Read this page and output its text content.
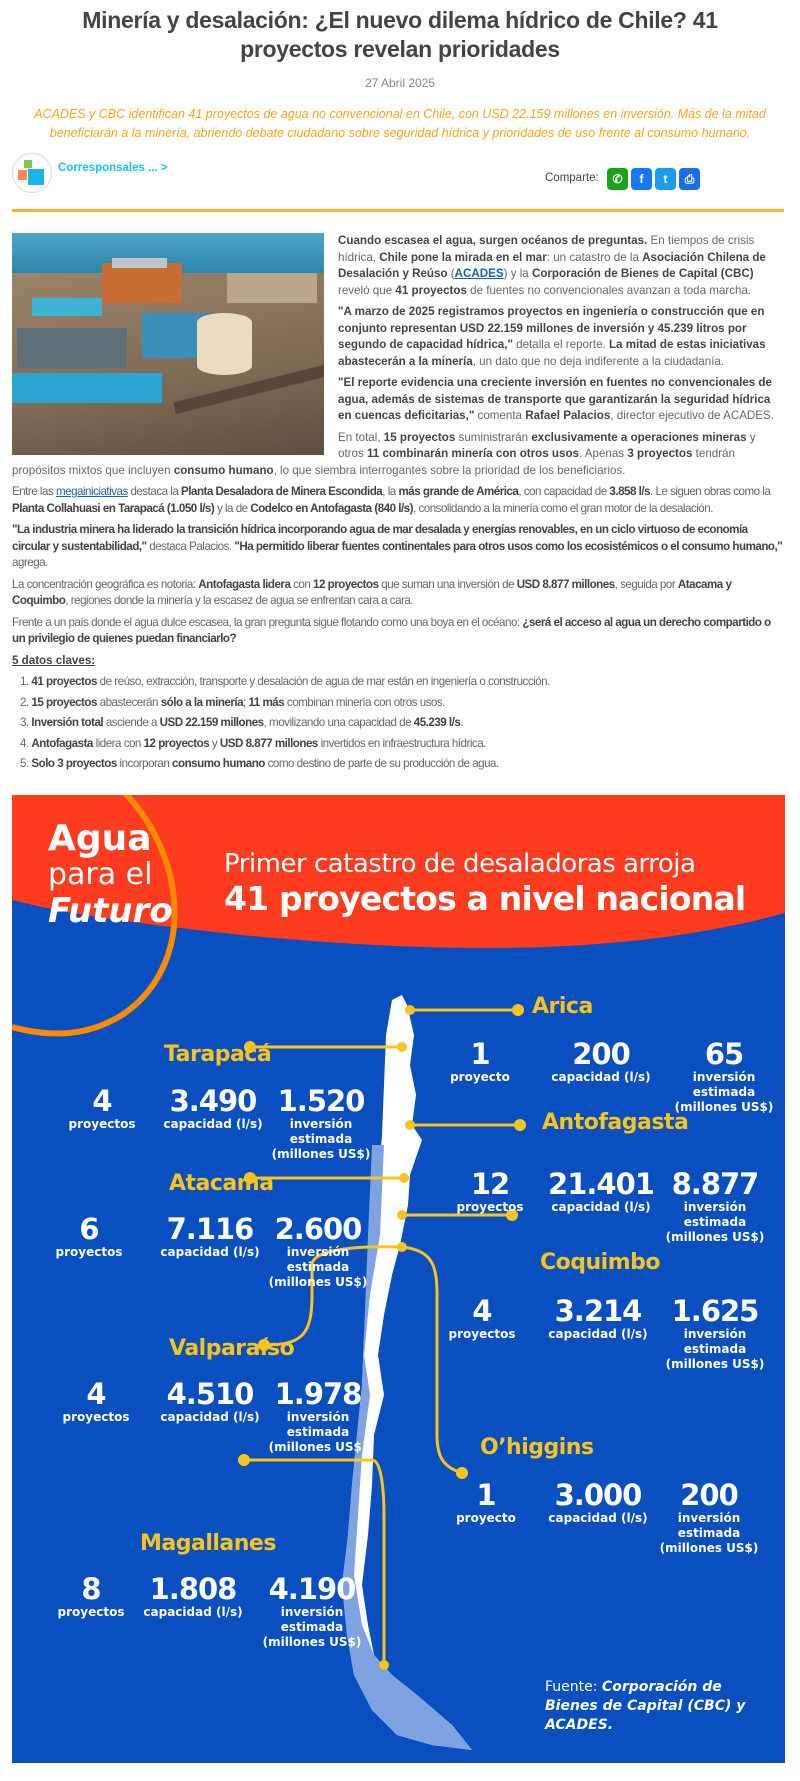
Minería y desalación: ¿El nuevo dilema hídrico de Chile? 41 proyectos revelan prioridades
27 Abril 2025
ACADES y CBC identifican 41 proyectos de agua no convencional en Chile, con USD 22.159 millones en inversión. Más de la mitad beneficiarán a la minería, abriendo debate ciudadano sobre seguridad hídrica y prioridades de uso frente al consumo humano.
Corresponsales ... >
Comparte: ✆ f t ⎙

Cuando escasea el agua, surgen océanos de preguntas. En tiempos de crisis hídrica, Chile pone la mirada en el mar: un catastro de la Asociación Chilena de Desalación y Reúso (ACADES) y la Corporación de Bienes de Capital (CBC) reveló que 41 proyectos de fuentes no convencionales avanzan a toda marcha.

"A marzo de 2025 registramos proyectos en ingeniería o construcción que en conjunto representan USD 22.159 millones de inversión y 45.239 litros por segundo de capacidad hídrica," detalla el reporte. La mitad de estas iniciativas abastecerán a la minería, un dato que no deja indiferente a la ciudadanía.

"El reporte evidencia una creciente inversión en fuentes no convencionales de agua, además de sistemas de transporte que garantizarán la seguridad hídrica en cuencas deficitarias," comenta Rafael Palacios, director ejecutivo de ACADES.

En total, 15 proyectos suministrarán exclusivamente a operaciones mineras y otros 11 combinarán minería con otros usos. Apenas 3 proyectos tendrán propósitos mixtos que incluyen consumo humano, lo que siembra interrogantes sobre la prioridad de los beneficiarios.

Entre las megainiciativas destaca la Planta Desaladora de Minera Escondida, la más grande de América, con capacidad de 3.858 l/s. Le siguen obras como la Planta Collahuasi en Tarapacá (1.050 l/s) y la de Codelco en Antofagasta (840 l/s), consolidando a la minería como el gran motor de la desalación.

"La industria minera ha liderado la transición hídrica incorporando agua de mar desalada y energías renovables, en un ciclo virtuoso de economía circular y sustentabilidad," destaca Palacios. "Ha permitido liberar fuentes continentales para otros usos como los ecosistémicos o el consumo humano," agrega.

La concentración geográfica es notoria: Antofagasta lidera con 12 proyectos que suman una inversión de USD 8.877 millones, seguida por Atacama y Coquimbo, regiones donde la minería y la escasez de agua se enfrentan cara a cara.

Frente a un país donde el agua dulce escasea, la gran pregunta sigue flotando como una boya en el océano: ¿será el acceso al agua un derecho compartido o un privilegio de quienes puedan financiarlo?

5 datos claves:

1. 41 proyectos de reúso, extracción, transporte y desalación de agua de mar están en ingeniería o construcción.
2. 15 proyectos abastecerán sólo a la minería; 11 más combinan minería con otros usos.
3. Inversión total asciende a USD 22.159 millones, movilizando una capacidad de 45.239 l/s.
4. Antofagasta lidera con 12 proyectos y USD 8.877 millones invertidos en infraestructura hídrica.
5. Solo 3 proyectos incorporan consumo humano como destino de parte de su producción de agua.
Agua
para el
Futuro
Primer catastro de desaladoras arroja
41 proyectos a nivel nacional
Arica
1
proyecto
200
capacidad (l/s)
65
inversión
estimada
(millones US$)
Tarapacá
4
proyectos
3.490
capacidad (l/s)
1.520
inversión
estimada
(millones US$)
Antofagasta
12
proyectos
21.401
capacidad (l/s)
8.877
inversión
estimada
(millones US$)
Atacama
6
proyectos
7.116
capacidad (l/s)
2.600
inversión
estimada
(millones US$)
Coquimbo
4
proyectos
3.214
capacidad (l/s)
1.625
inversión
estimada
(millones US$)
Valparaíso
4
proyectos
4.510
capacidad (l/s)
1.978
inversión
estimada
(millones US$)	O’higgins
1
proyecto
3.000
capacidad (l/s)
200
inversión
estimada
(millones US$)
Magallanes
8
proyectos
1.808
capacidad (l/s)
4.190
inversión
estimada
(millones US$)
Fuente: Corporación de Bienes de Capital (CBC) y ACADES.
